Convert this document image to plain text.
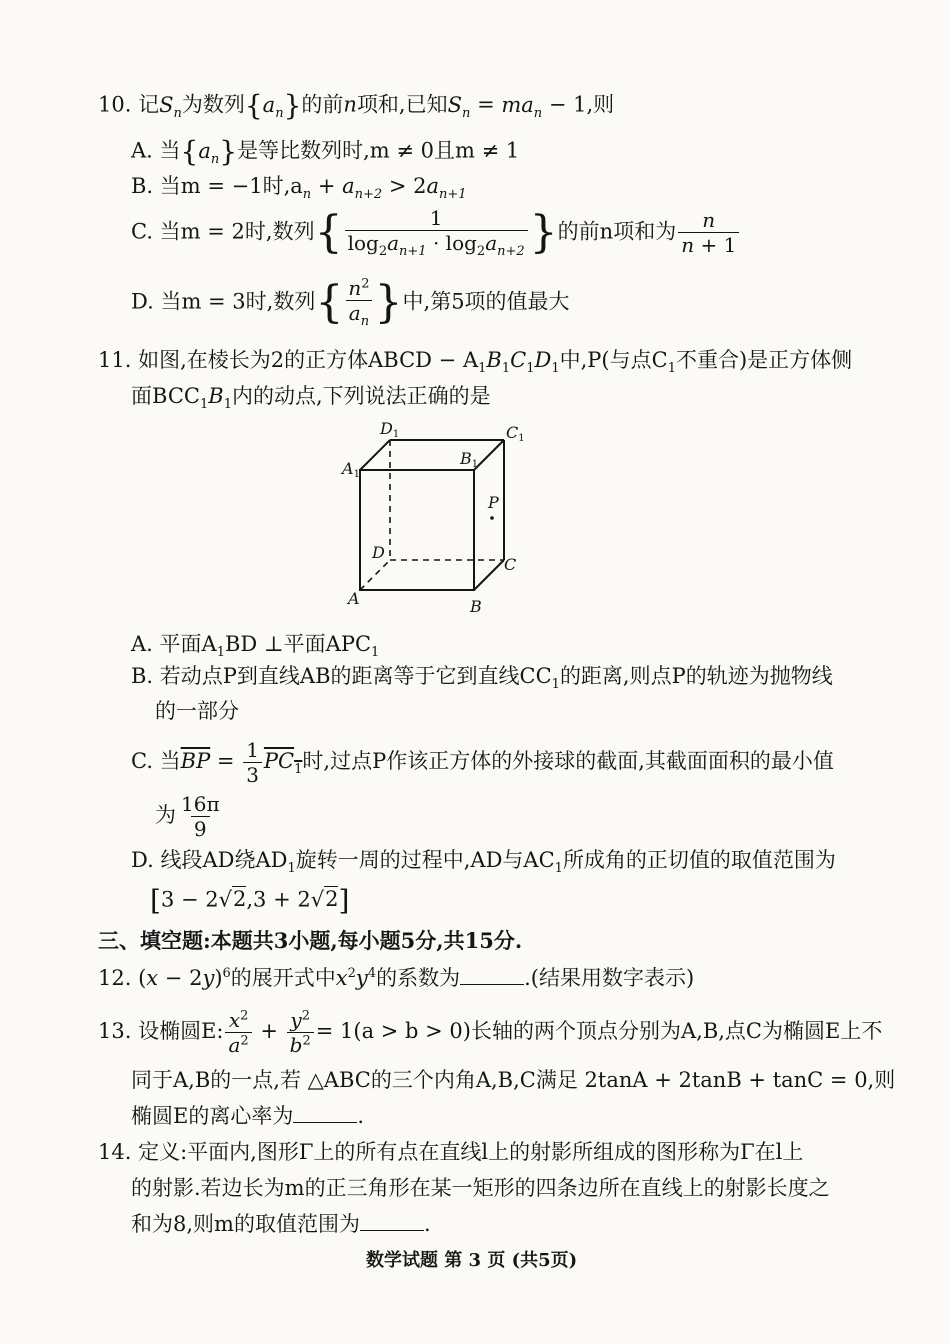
10. 记$S_n$为数列$\{a_n\}$的前n项和,已知$S_n = ma_n - 1$,则
A. 当$\{a_n\}$是等比数列时,m ≠ 0且m ≠ 1
B. 当m = −1时$,a_n + a_{n+2} > 2a_{n+1}$
C. 当m = 2时,数列{ $\frac{1}{\log_2a_{n+1} \cdot \log_2a_{n+2}}$ }的前n项和为 $\frac{n}{n + 1}$
D. 当m = 3时,数列{ $\frac{n^2}{a_n}$ }中,第5项的值最大
11. 如图,在棱长为2的正方体ABCD − $A_1B_1C_1D_1$中,P(与点$C_1$不重合)是正方体侧
面$BCC_1B_1$内的动点,下列说法正确的是
D1	C1
A1
B1
P
D
C
A	B
A. 平面$A_1BD$ ⊥平面$APC_1$
B. 若动点P到直线AB的距离等于它到直线$CC_1$的距离,则点P的轨迹为抛物线
的一部分
C. 当$\overline{BP} = \frac{1}{3} PC_1$时,过点P作该正方体的外接球的截面,其截面面积的最小值
为 $\frac{16\pi}{9}$
D. 线段AD绕$AD_1$旋转一周的过程中,AD与$AC_1$所成角的正切值的取值范围为
[3 − 2√2,3 + 2√2]
三、填空题:本题共3小题,每小题5分,共15分.
12. $(x - 2y)^6$的展开式中$x^2y^4$的系数为	.(结果用数字表示)
13. 设椭圆E: $\frac{x^2}{a^2} + \frac{y^2}{b^2} = 1(a > b > 0)$长轴的两个顶点分别为A,B,点C为椭圆E上不
同于A,B的一点,若 △ABC的三个内角A,B,C满足 2tanA + 2tanB + tanC = 0,则
椭圆E的离心率为	.
14. 定义:平面内,图形Γ上的所有点在直线l上的射影所组成的图形称为Γ在l上
的射影.若边长为m的正三角形在某一矩形的四条边所在直线上的射影长度之
和为8,则m的取值范围为	.
数学试题 第 3 页 (共5页)
